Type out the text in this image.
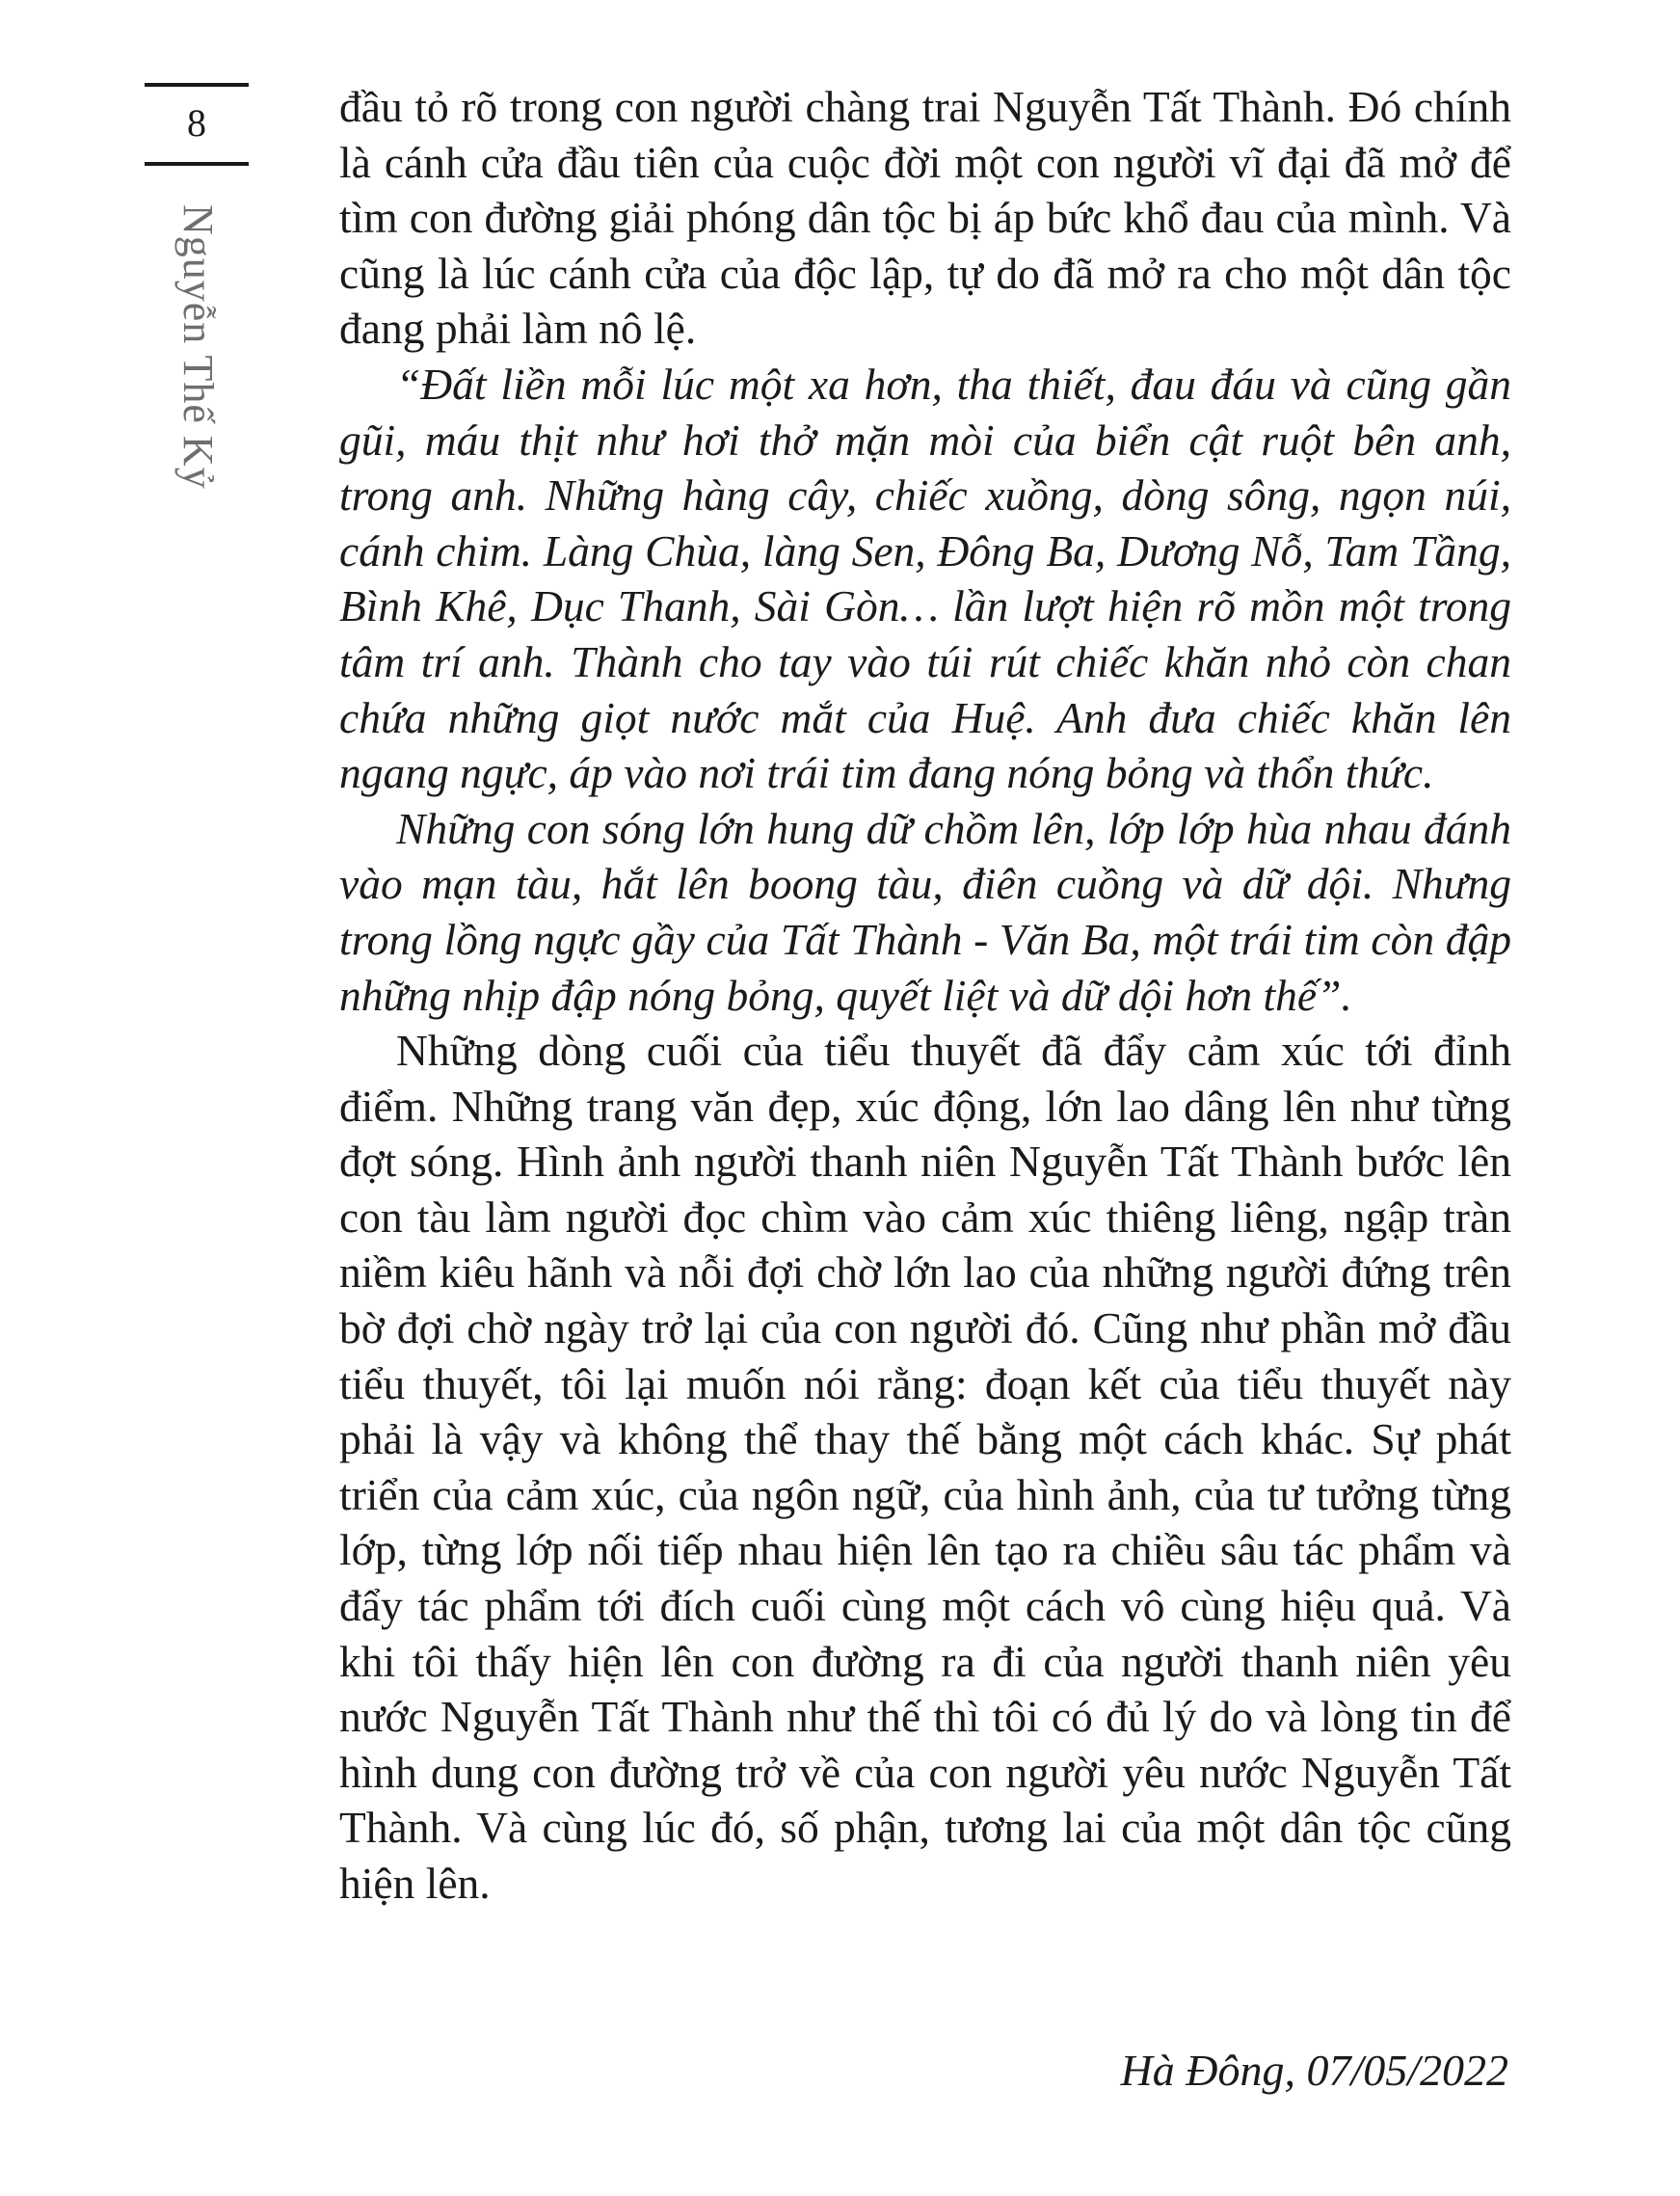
8
Nguyễn Thế Kỷ

đầu tỏ rõ trong con người chàng trai Nguyễn Tất Thành. Đó chính là cánh cửa đầu tiên của cuộc đời một con người vĩ đại đã mở để tìm con đường giải phóng dân tộc bị áp bức khổ đau của mình. Và cũng là lúc cánh cửa của độc lập, tự do đã mở ra cho một dân tộc đang phải làm nô lệ.

“Đất liền mỗi lúc một xa hơn, tha thiết, đau đáu và cũng gần gũi, máu thịt như hơi thở mặn mòi của biển cật ruột bên anh, trong anh. Những hàng cây, chiếc xuồng, dòng sông, ngọn núi, cánh chim. Làng Chùa, làng Sen, Đông Ba, Dương Nỗ, Tam Tầng, Bình Khê, Dục Thanh, Sài Gòn… lần lượt hiện rõ mồn một trong tâm trí anh. Thành cho tay vào túi rút chiếc khăn nhỏ còn chan chứa những giọt nước mắt của Huệ. Anh đưa chiếc khăn lên ngang ngực, áp vào nơi trái tim đang nóng bỏng và thổn thức.

Những con sóng lớn hung dữ chồm lên, lớp lớp hùa nhau đánh vào mạn tàu, hắt lên boong tàu, điên cuồng và dữ dội. Nhưng trong lồng ngực gầy của Tất Thành - Văn Ba, một trái tim còn đập những nhịp đập nóng bỏng, quyết liệt và dữ dội hơn thế”.

Những dòng cuối của tiểu thuyết đã đẩy cảm xúc tới đỉnh điểm. Những trang văn đẹp, xúc động, lớn lao dâng lên như từng đợt sóng. Hình ảnh người thanh niên Nguyễn Tất Thành bước lên con tàu làm người đọc chìm vào cảm xúc thiêng liêng, ngập tràn niềm kiêu hãnh và nỗi đợi chờ lớn lao của những người đứng trên bờ đợi chờ ngày trở lại của con người đó. Cũng như phần mở đầu tiểu thuyết, tôi lại muốn nói rằng: đoạn kết của tiểu thuyết này phải là vậy và không thể thay thế bằng một cách khác. Sự phát triển của cảm xúc, của ngôn ngữ, của hình ảnh, của tư tưởng từng lớp, từng lớp nối tiếp nhau hiện lên tạo ra chiều sâu tác phẩm và đẩy tác phẩm tới đích cuối cùng một cách vô cùng hiệu quả. Và khi tôi thấy hiện lên con đường ra đi của người thanh niên yêu nước Nguyễn Tất Thành như thế thì tôi có đủ lý do và lòng tin để hình dung con đường trở về của con người yêu nước Nguyễn Tất Thành. Và cùng lúc đó, số phận, tương lai của một dân tộc cũng hiện lên.

Hà Đông, 07/05/2022
